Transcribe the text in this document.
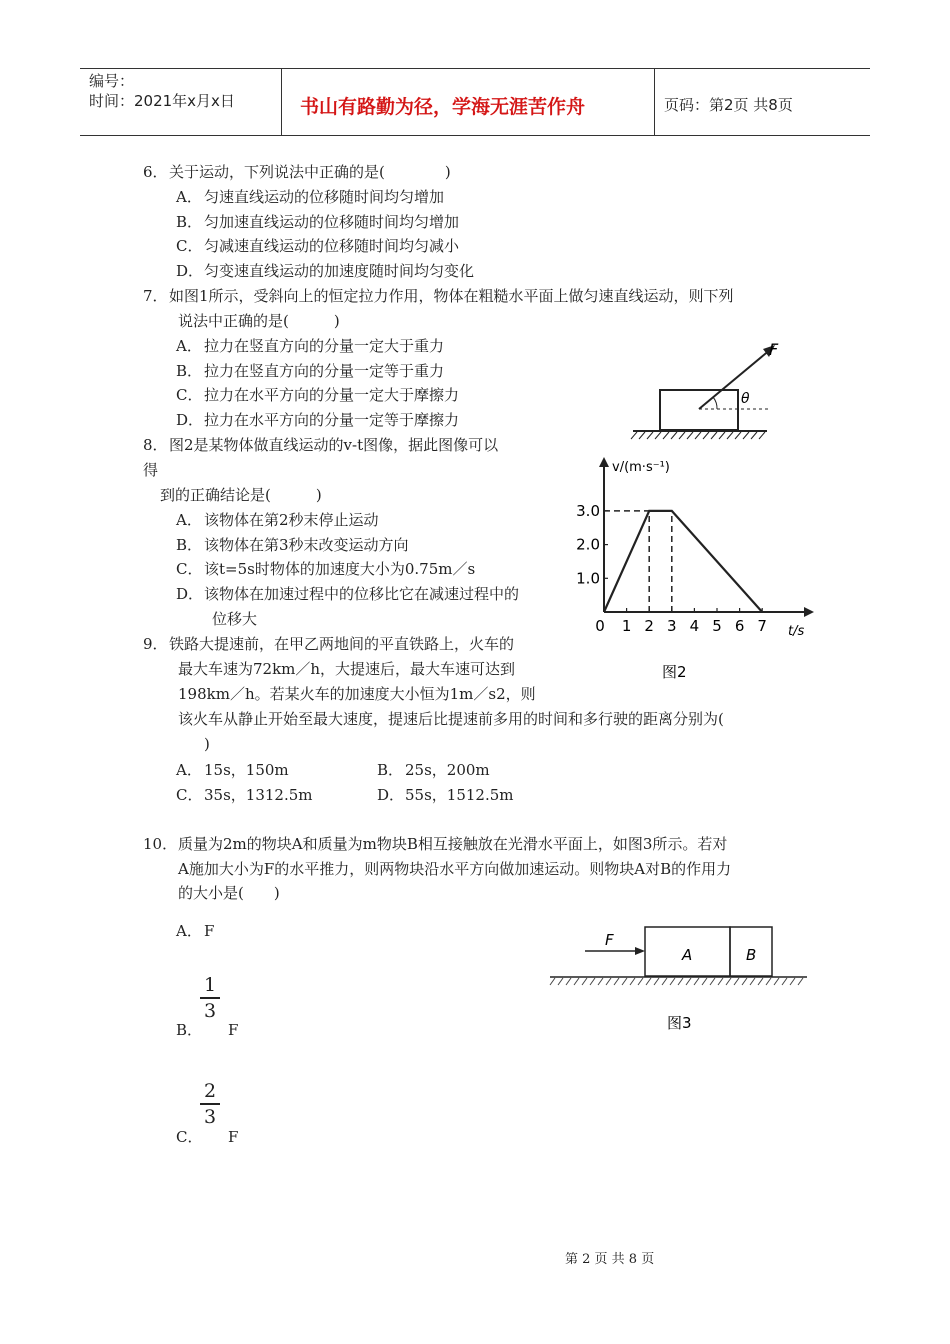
编号：
时间：2021年x月x日	书山有路勤为径，学海无涯苦作舟	页码：第2页 共8页
6． 关于运动，下列说法中正确的是(　　　　)
A． 匀速直线运动的位移随时间均匀增加
B． 匀加速直线运动的位移随时间均匀增加
C． 匀减速直线运动的位移随时间均匀减小
D． 匀变速直线运动的加速度随时间均匀变化
7． 如图1所示，受斜向上的恒定拉力作用，物体在粗糙水平面上做匀速直线运动，则下列
说法中正确的是(　　　)
A． 拉力在竖直方向的分量一定大于重力
B． 拉力在竖直方向的分量一定等于重力
C． 拉力在水平方向的分量一定大于摩擦力
D． 拉力在水平方向的分量一定等于摩擦力
θ
F
8． 图2是某物体做直线运动的v-t图像，据此图像可以
得
到的正确结论是(　　　)
A． 该物体在第2秒末停止运动
B． 该物体在第3秒末改变运动方向
C． 该t=5s时物体的加速度大小为0.75m／s
D． 该物体在加速过程中的位移比它在减速过程中的
位移大
v/(m·s⁻¹)
t/s
图2
3.0
2.0
1.0
0 1 2 3 4 5 6 7
9． 铁路大提速前，在甲乙两地间的平直铁路上，火车的
最大车速为72km／h，大提速后，最大车速可达到
198km／h。若某火车的加速度大小恒为1m／s2，则
该火车从静止开始至最大速度，提速后比提速前多用的时间和多行驶的距离分别为(
)
A． 15s，150m	B． 25s，200m
C． 35s，1312.5m	D． 55s，1512.5m
10． 质量为2m的物块A和质量为m物块B相互接触放在光滑水平面上，如图3所示。若对
A施加大小为F的水平推力，则两物块沿水平方向做加速运动。则物块A对B的作用力
的大小是(　　)
A． F
1
3
B． F
2
3
C． F
F
A	B
图3
第 2 页 共 8 页
